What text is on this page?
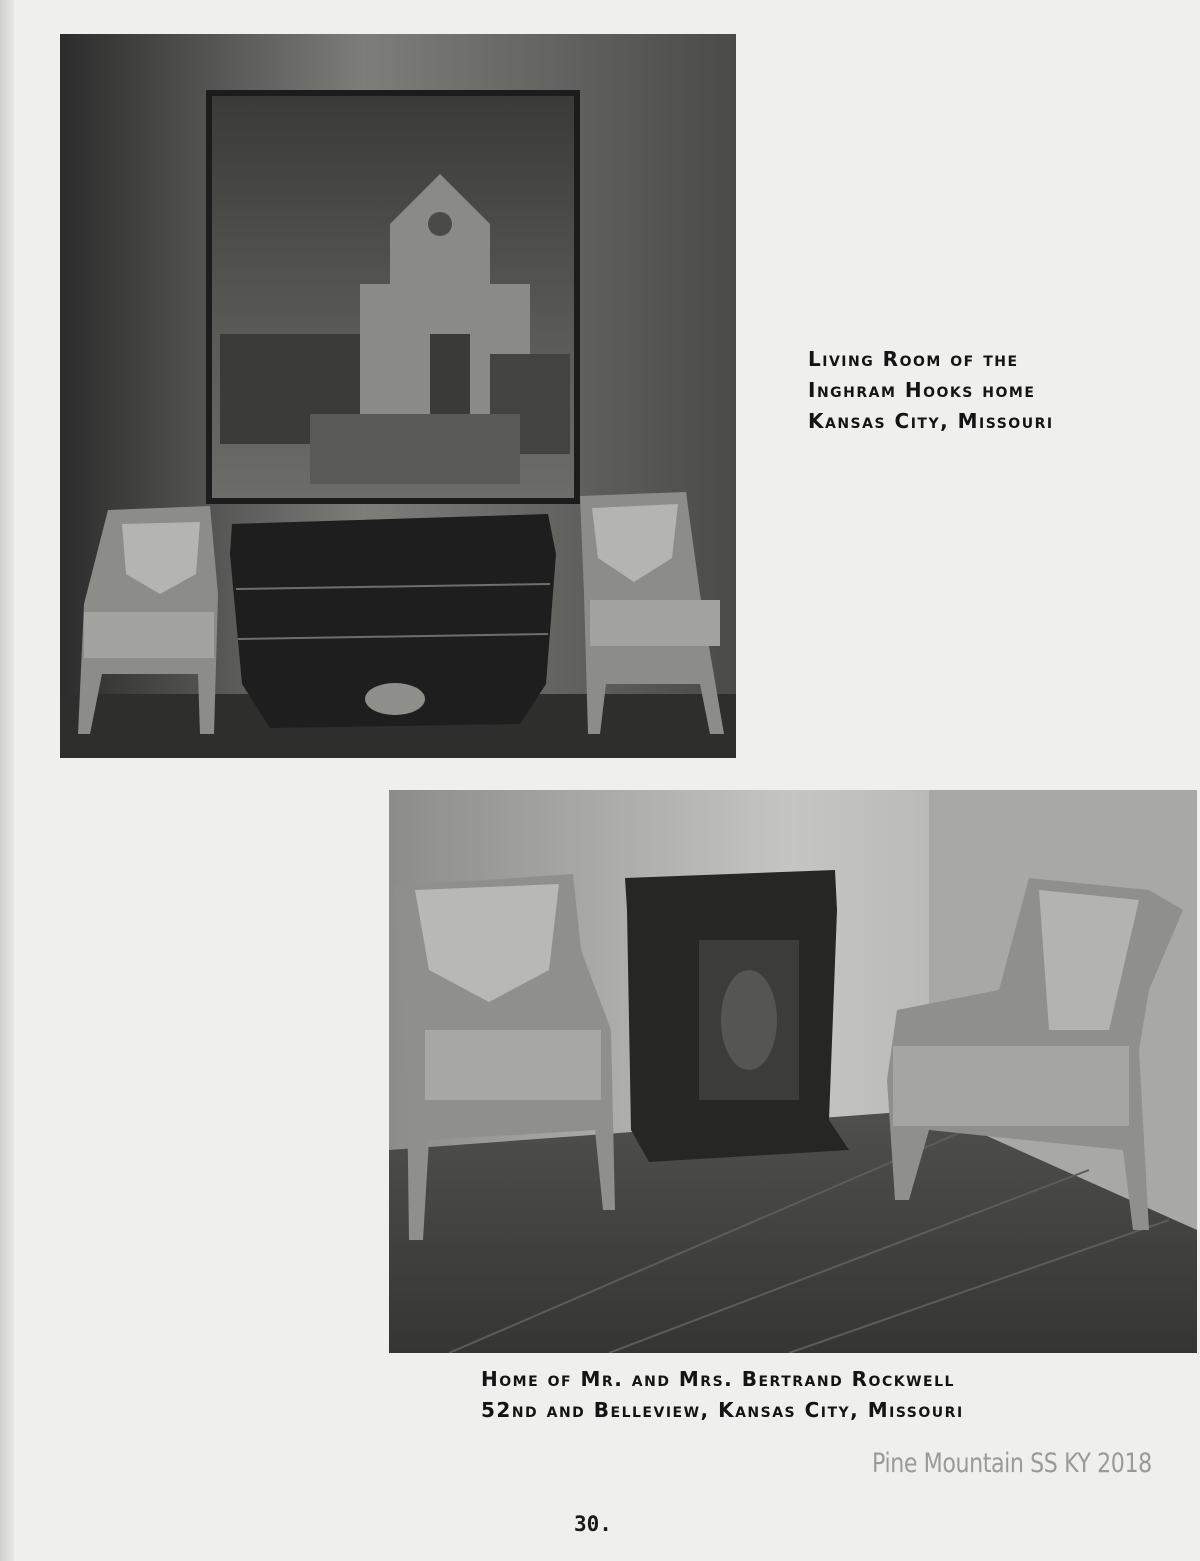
Living Room of the
Inghram Hooks home
Kansas City, Missouri
Home of Mr. and Mrs. Bertrand Rockwell
52nd and Belleview, Kansas City, Missouri
Pine Mountain SS KY 2018
30.
